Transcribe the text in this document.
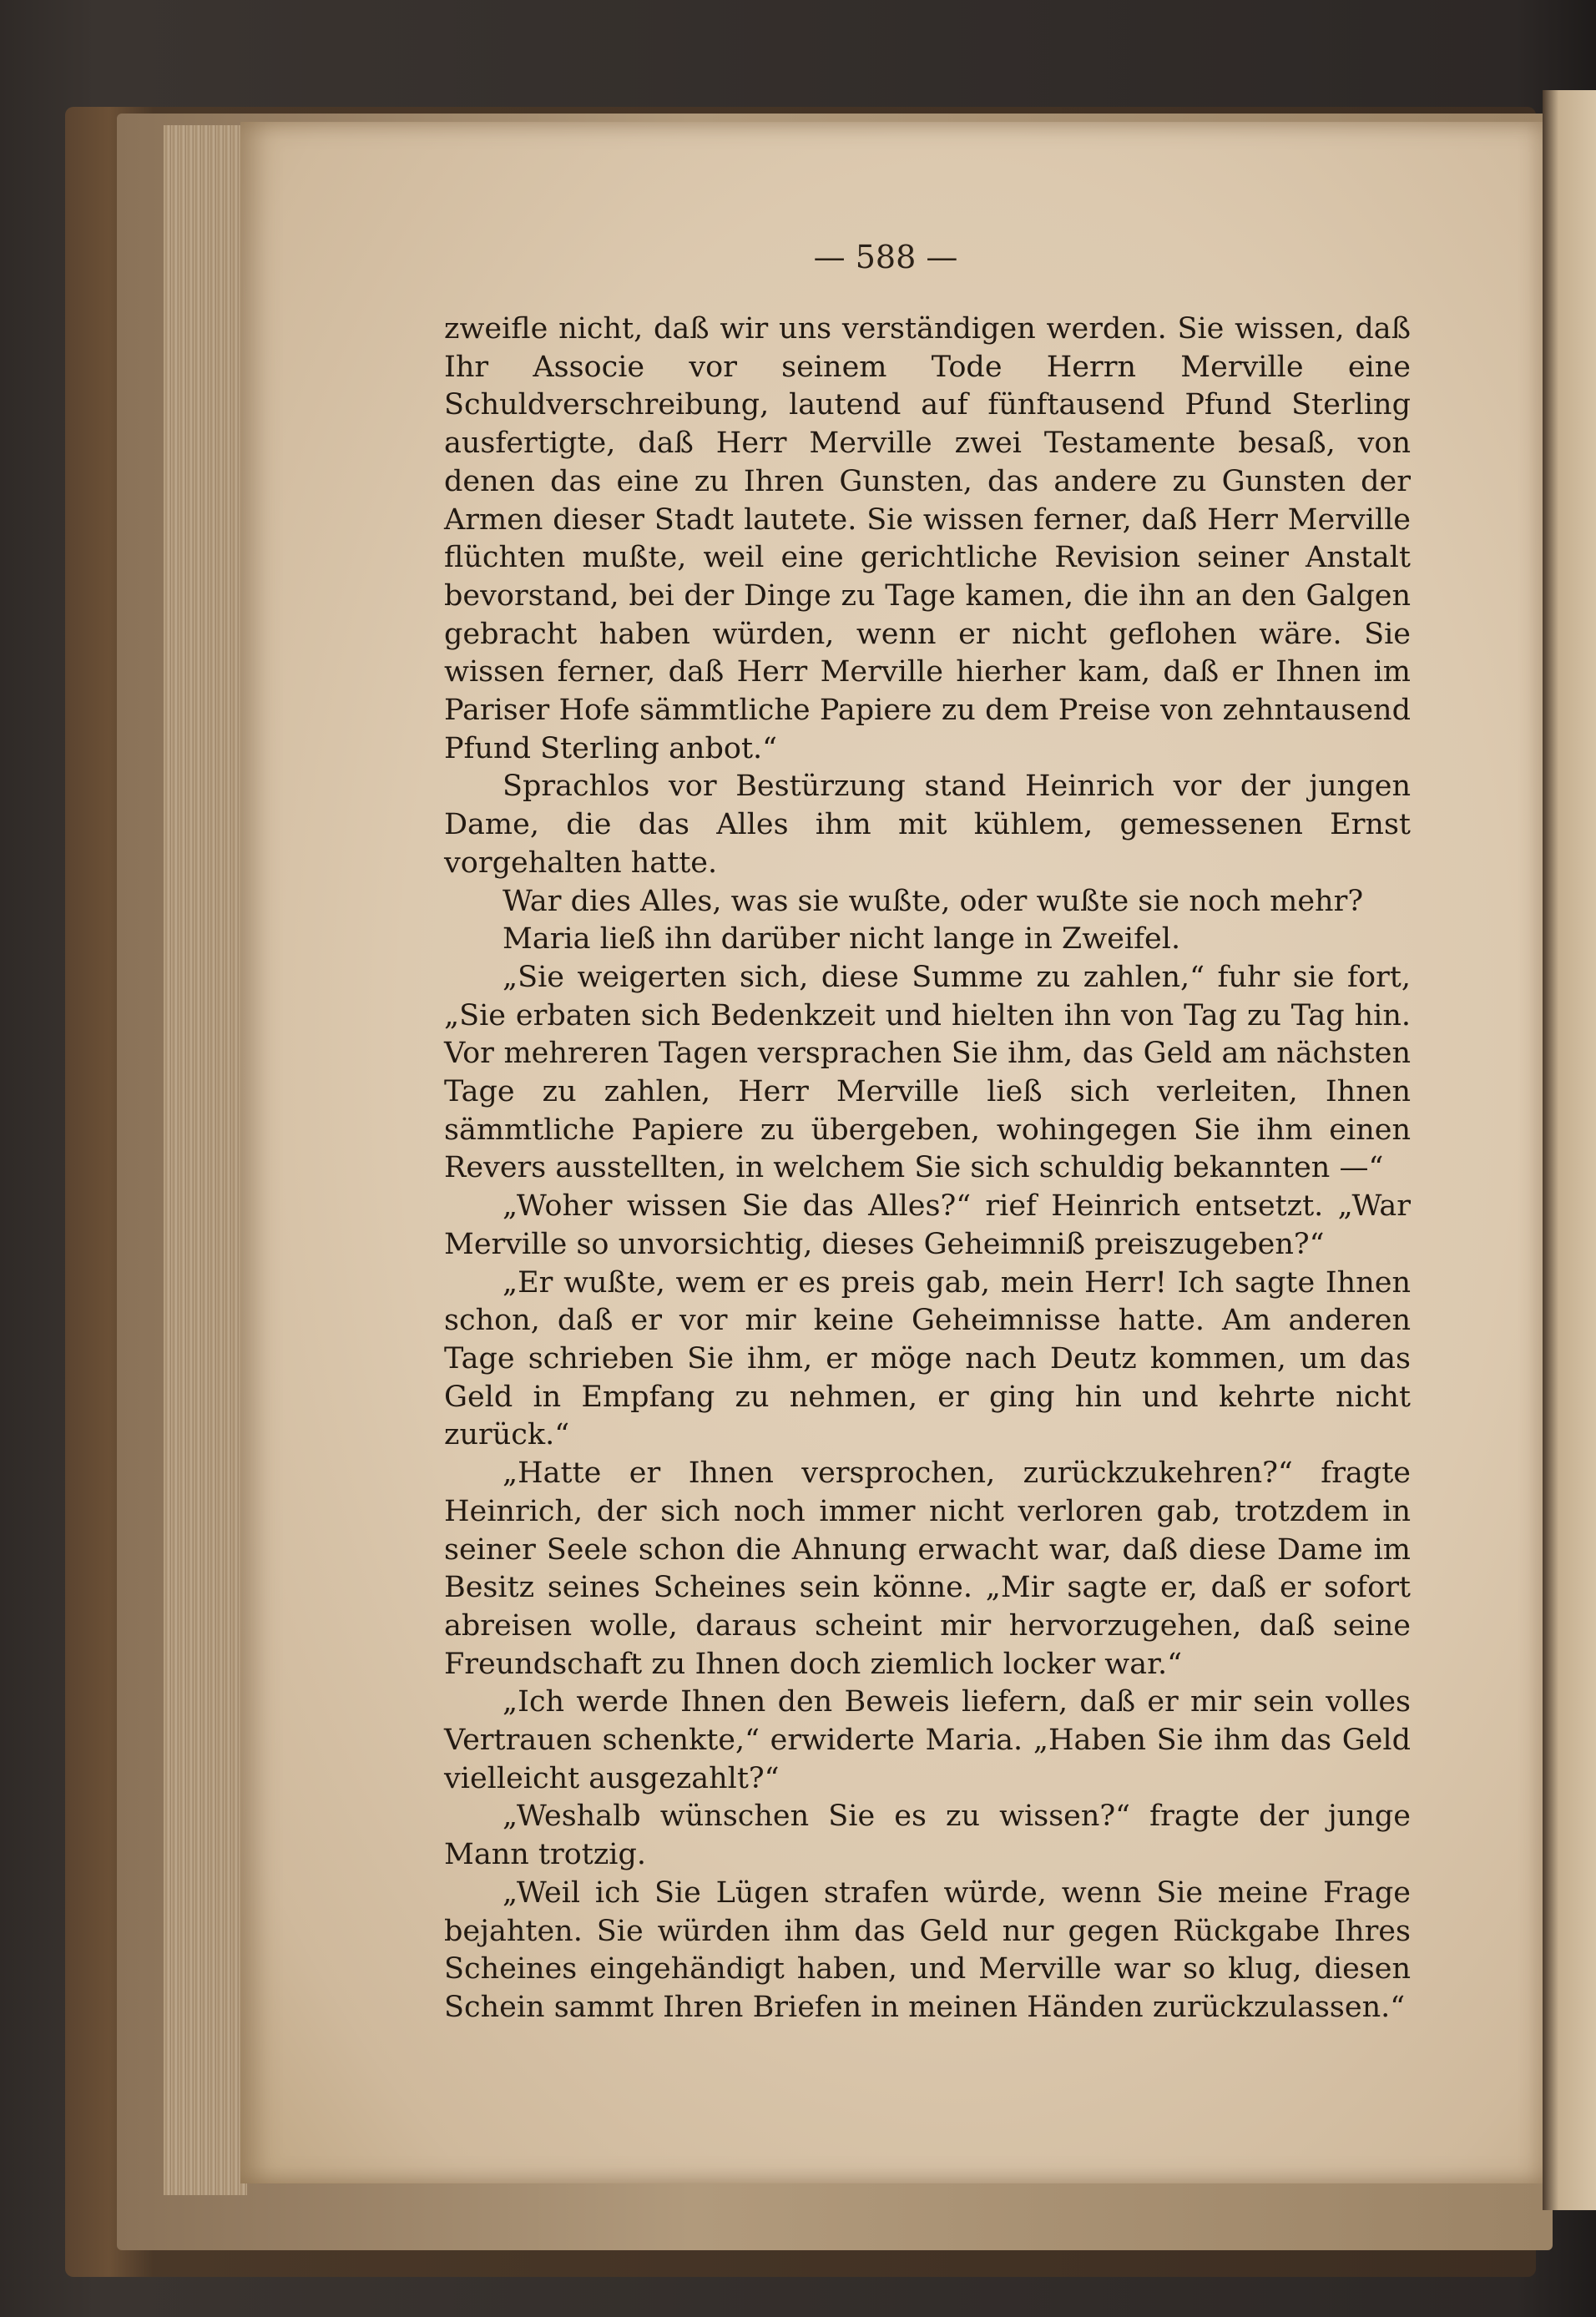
— 588 —

zweifle nicht, daß wir uns verständigen werden. Sie wissen, daß Ihr Associe vor seinem Tode Herrn Merville eine Schuldverschreibung, lautend auf fünftausend Pfund Sterling ausfertigte, daß Herr Merville zwei Testamente besaß, von denen das eine zu Ihren Gunsten, das andere zu Gunsten der Armen dieser Stadt lautete. Sie wissen ferner, daß Herr Merville flüchten mußte, weil eine gerichtliche Revision seiner Anstalt bevorstand, bei der Dinge zu Tage kamen, die ihn an den Galgen gebracht haben würden, wenn er nicht geflohen wäre. Sie wissen ferner, daß Herr Merville hierher kam, daß er Ihnen im Pariser Hofe sämmtliche Papiere zu dem Preise von zehntausend Pfund Sterling anbot.“

Sprachlos vor Bestürzung stand Heinrich vor der jungen Dame, die das Alles ihm mit kühlem, gemessenen Ernst vorgehalten hatte.

War dies Alles, was sie wußte, oder wußte sie noch mehr?

Maria ließ ihn darüber nicht lange in Zweifel.

„Sie weigerten sich, diese Summe zu zahlen,“ fuhr sie fort, „Sie erbaten sich Bedenkzeit und hielten ihn von Tag zu Tag hin. Vor mehreren Tagen versprachen Sie ihm, das Geld am nächsten Tage zu zahlen, Herr Merville ließ sich verleiten, Ihnen sämmtliche Papiere zu übergeben, wohingegen Sie ihm einen Revers ausstellten, in welchem Sie sich schuldig bekannten —“

„Woher wissen Sie das Alles?“ rief Heinrich entsetzt. „War Merville so unvorsichtig, dieses Geheimniß preiszugeben?“

„Er wußte, wem er es preis gab, mein Herr! Ich sagte Ihnen schon, daß er vor mir keine Geheimnisse hatte. Am anderen Tage schrieben Sie ihm, er möge nach Deutz kommen, um das Geld in Empfang zu nehmen, er ging hin und kehrte nicht zurück.“

„Hatte er Ihnen versprochen, zurückzukehren?“ fragte Heinrich, der sich noch immer nicht verloren gab, trotzdem in seiner Seele schon die Ahnung erwacht war, daß diese Dame im Besitz seines Scheines sein könne. „Mir sagte er, daß er sofort abreisen wolle, daraus scheint mir hervorzugehen, daß seine Freundschaft zu Ihnen doch ziemlich locker war.“

„Ich werde Ihnen den Beweis liefern, daß er mir sein volles Vertrauen schenkte,“ erwiderte Maria. „Haben Sie ihm das Geld vielleicht ausgezahlt?“

„Weshalb wünschen Sie es zu wissen?“ fragte der junge Mann trotzig.

„Weil ich Sie Lügen strafen würde, wenn Sie meine Frage bejahten. Sie würden ihm das Geld nur gegen Rückgabe Ihres Scheines eingehändigt haben, und Merville war so klug, diesen Schein sammt Ihren Briefen in meinen Händen zurückzulassen.“
